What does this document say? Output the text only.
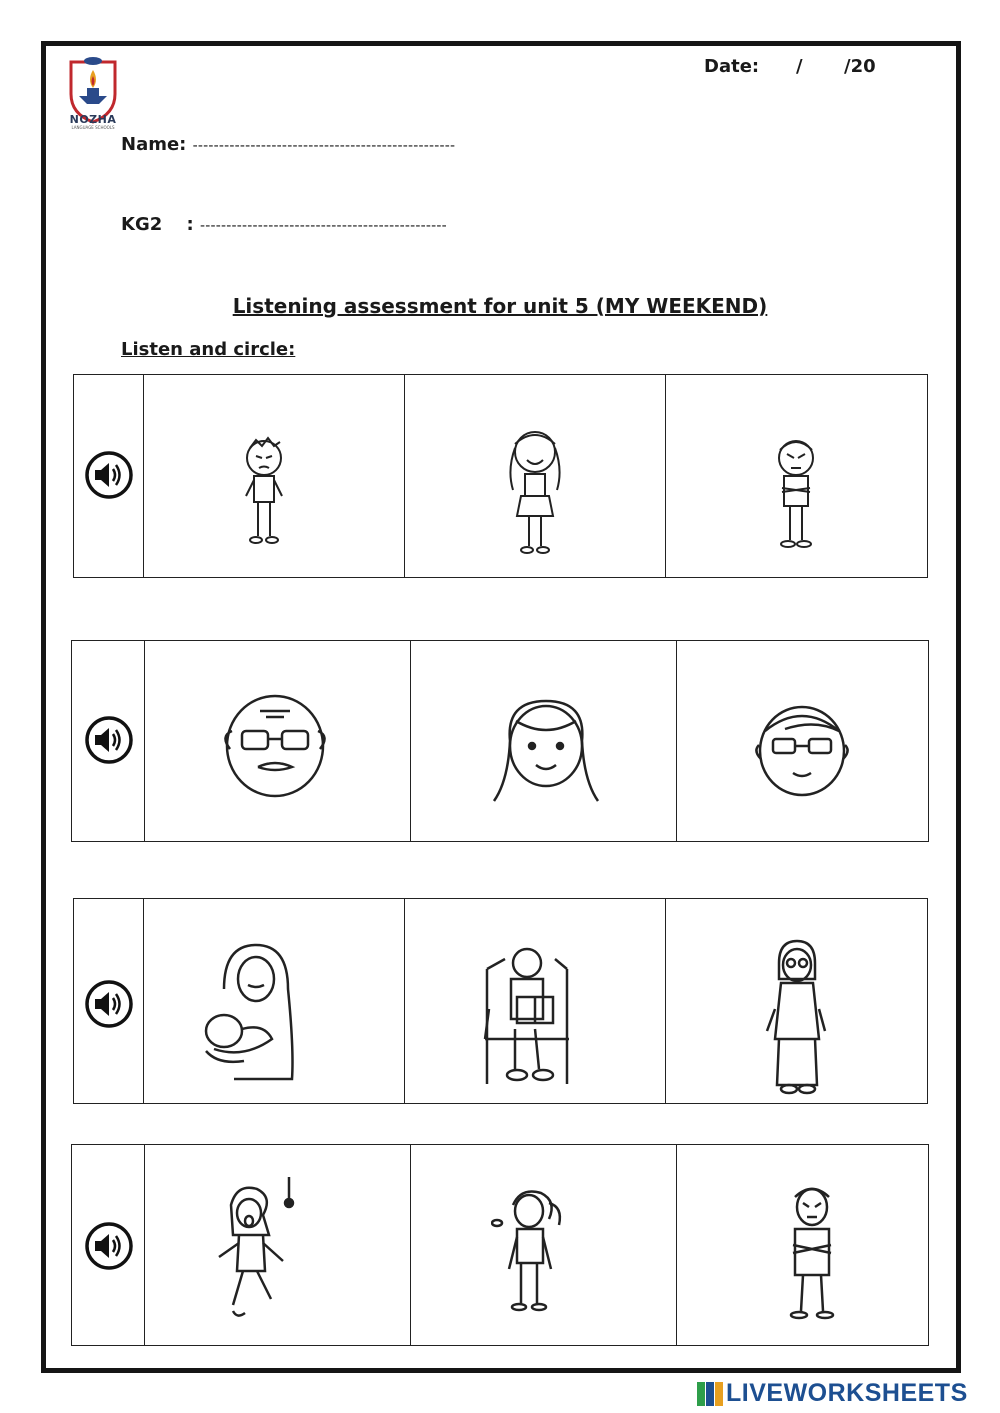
NOZHA
LANGUAGE SCHOOLS
Date: / /20
Name: --------------------------------------------------
KG2 : -----------------------------------------------
Listening assessment for unit 5 (MY WEEKEND)
Listen and circle:
LIVEWORKSHEETS
